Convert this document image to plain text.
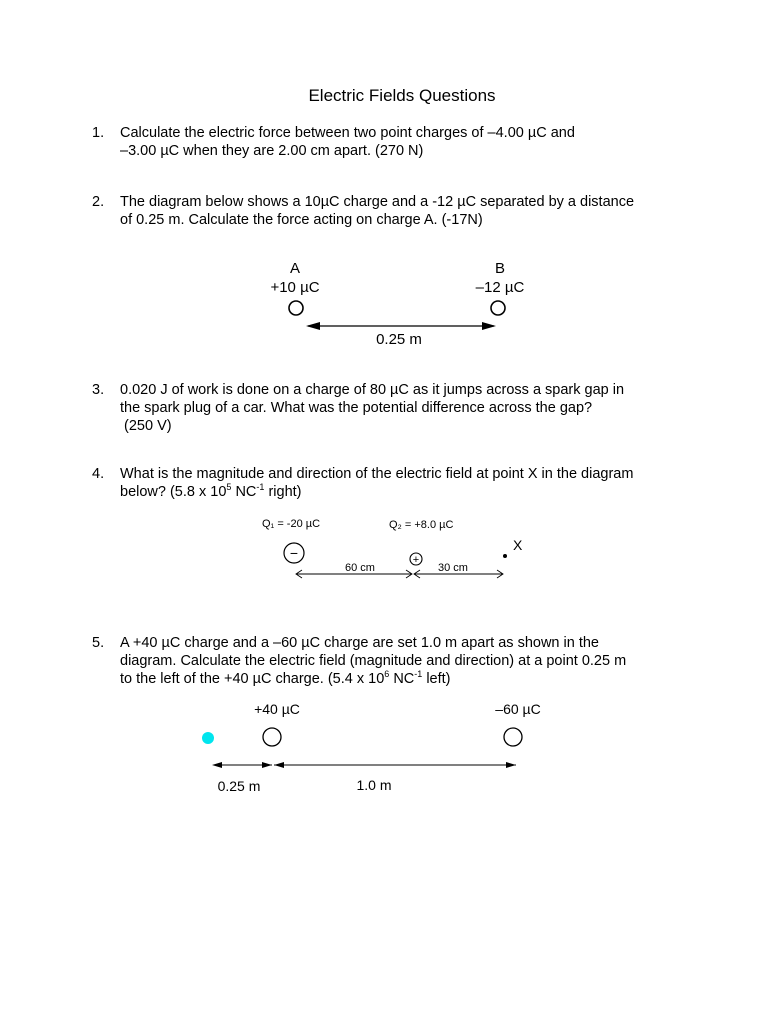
Electric Fields Questions
1. Calculate the electric force between two point charges of –4.00 µC and
–3.00 µC when they are 2.00 cm apart. (270 N)
2. The diagram below shows a 10µC charge and a -12 µC separated by a distance
of 0.25 m. Calculate the force acting on charge A. (-17N)
A
+10 µC
B
–12 µC
0.25 m
3. 0.020 J of work is done on a charge of 80 µC as it jumps across a spark gap in
the spark plug of a car. What was the potential difference across the gap?
(250 V)
4. What is the magnitude and direction of the electric field at point X in the diagram
below? (5.8 x $10^5$ $NC^{-1}$ right)
Q₁ = -20 µC	Q₂ = +8.0 µC
−	+
X
60 cm	30 cm
5. A +40 µC charge and a –60 µC charge are set 1.0 m apart as shown in the
diagram. Calculate the electric field (magnitude and direction) at a point 0.25 m
to the left of the +40 µC charge. (5.4 x $10^6$ $NC^{-1}$ left)
+40 µC	–60 µC
0.25 m	1.0 m
